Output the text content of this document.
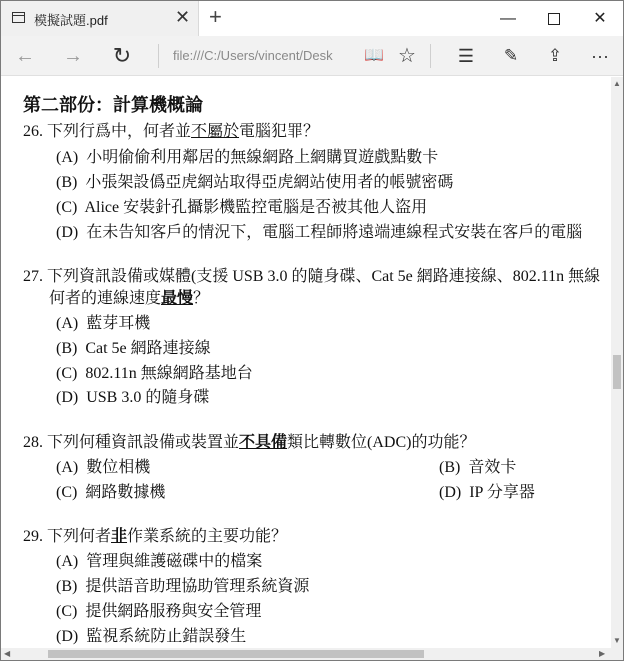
模擬試題.pdf	✕ +	—	✕
←	→	↻	file:///C:/Users/vincent/Desk	📖 ☆	☰	✎	⇪	···
第二部份：計算機概論
26. 下列行爲中，何者並不屬於電腦犯罪？
(A) 小明偷偷利用鄰居的無線網路上網購買遊戲點數卡
(B) 小張架設僞亞虎網站取得亞虎網站使用者的帳號密碼
(C) Alice 安裝針孔攝影機監控電腦是否被其他人盜用
(D) 在未告知客戶的情況下，電腦工程師將遠端連線程式安裝在客戶的電腦
27. 下列資訊設備或媒體(支援 USB 3.0 的隨身碟、Cat 5e 網路連接線、802.11n 無線
何者的連線速度最慢？
(A) 藍芽耳機
(B) Cat 5e 網路連接線
(C) 802.11n 無線網路基地台
(D) USB 3.0 的隨身碟
28. 下列何種資訊設備或裝置並不具備類比轉數位(ADC)的功能？
(A) 數位相機	(B) 音效卡
(C) 網路數據機	(D) IP 分享器
29. 下列何者非作業系統的主要功能？
(A) 管理與維護磁碟中的檔案
(B) 提供語音助理協助管理系統資源
(C) 提供網路服務與安全管理
(D) 監視系統防止錯誤發生
▲
▼
◀	▶
